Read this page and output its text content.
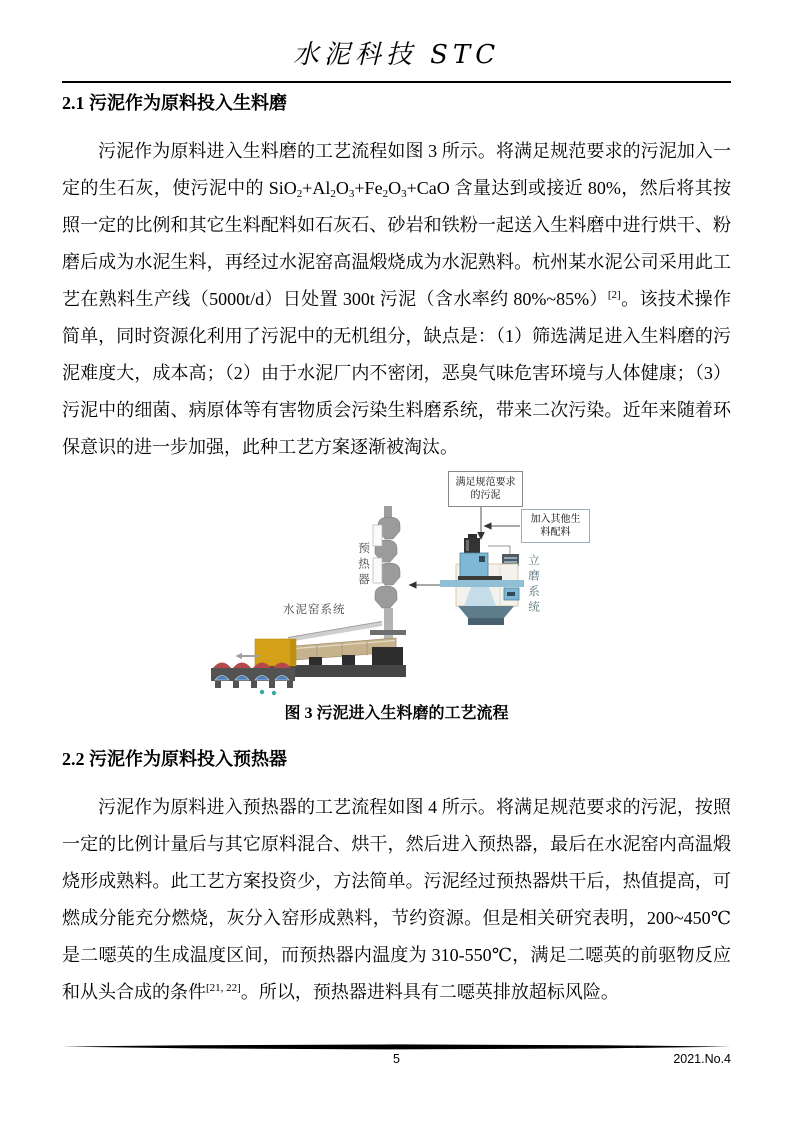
水泥科技 STC
2.1 污泥作为原料投入生料磨
污泥作为原料进入生料磨的工艺流程如图 3 所示。将满足规范要求的污泥加入一定的生石灰，使污泥中的 $SiO_2+Al_2O_3+Fe_2O_3+CaO$ 含量达到或接近 80%，然后将其按照一定的比例和其它生料配料如石灰石、砂岩和铁粉一起送入生料磨中进行烘干、粉磨后成为水泥生料，再经过水泥窑高温煅烧成为水泥熟料。杭州某水泥公司采用此工艺在熟料生产线（5000t/d）日处置 300t 污泥（含水率约 80%~85%）[2]。该技术操作简单，同时资源化利用了污泥中的无机组分，缺点是：（1）筛选满足进入生料磨的污泥难度大，成本高；（2）由于水泥厂内不密闭，恶臭气味危害环境与人体健康；（3）污泥中的细菌、病原体等有害物质会污染生料磨系统，带来二次污染。近年来随着环保意识的进一步加强，此种工艺方案逐渐被淘汰。
满足规范要求的污泥
加入其他生料配料
预热器	立磨系统
水泥窑系统
图 3 污泥进入生料磨的工艺流程
2.2 污泥作为原料投入预热器
污泥作为原料进入预热器的工艺流程如图 4 所示。将满足规范要求的污泥，按照一定的比例计量后与其它原料混合、烘干，然后进入预热器，最后在水泥窑内高温煅烧形成熟料。此工艺方案投资少，方法简单。污泥经过预热器烘干后，热值提高，可燃成分能充分燃烧，灰分入窑形成熟料，节约资源。但是相关研究表明，200~450℃是二噁英的生成温度区间，而预热器内温度为 310-550℃，满足二噁英的前驱物反应和从头合成的条件[21, 22]。所以，预热器进料具有二噁英排放超标风险。
5	2021.No.4
